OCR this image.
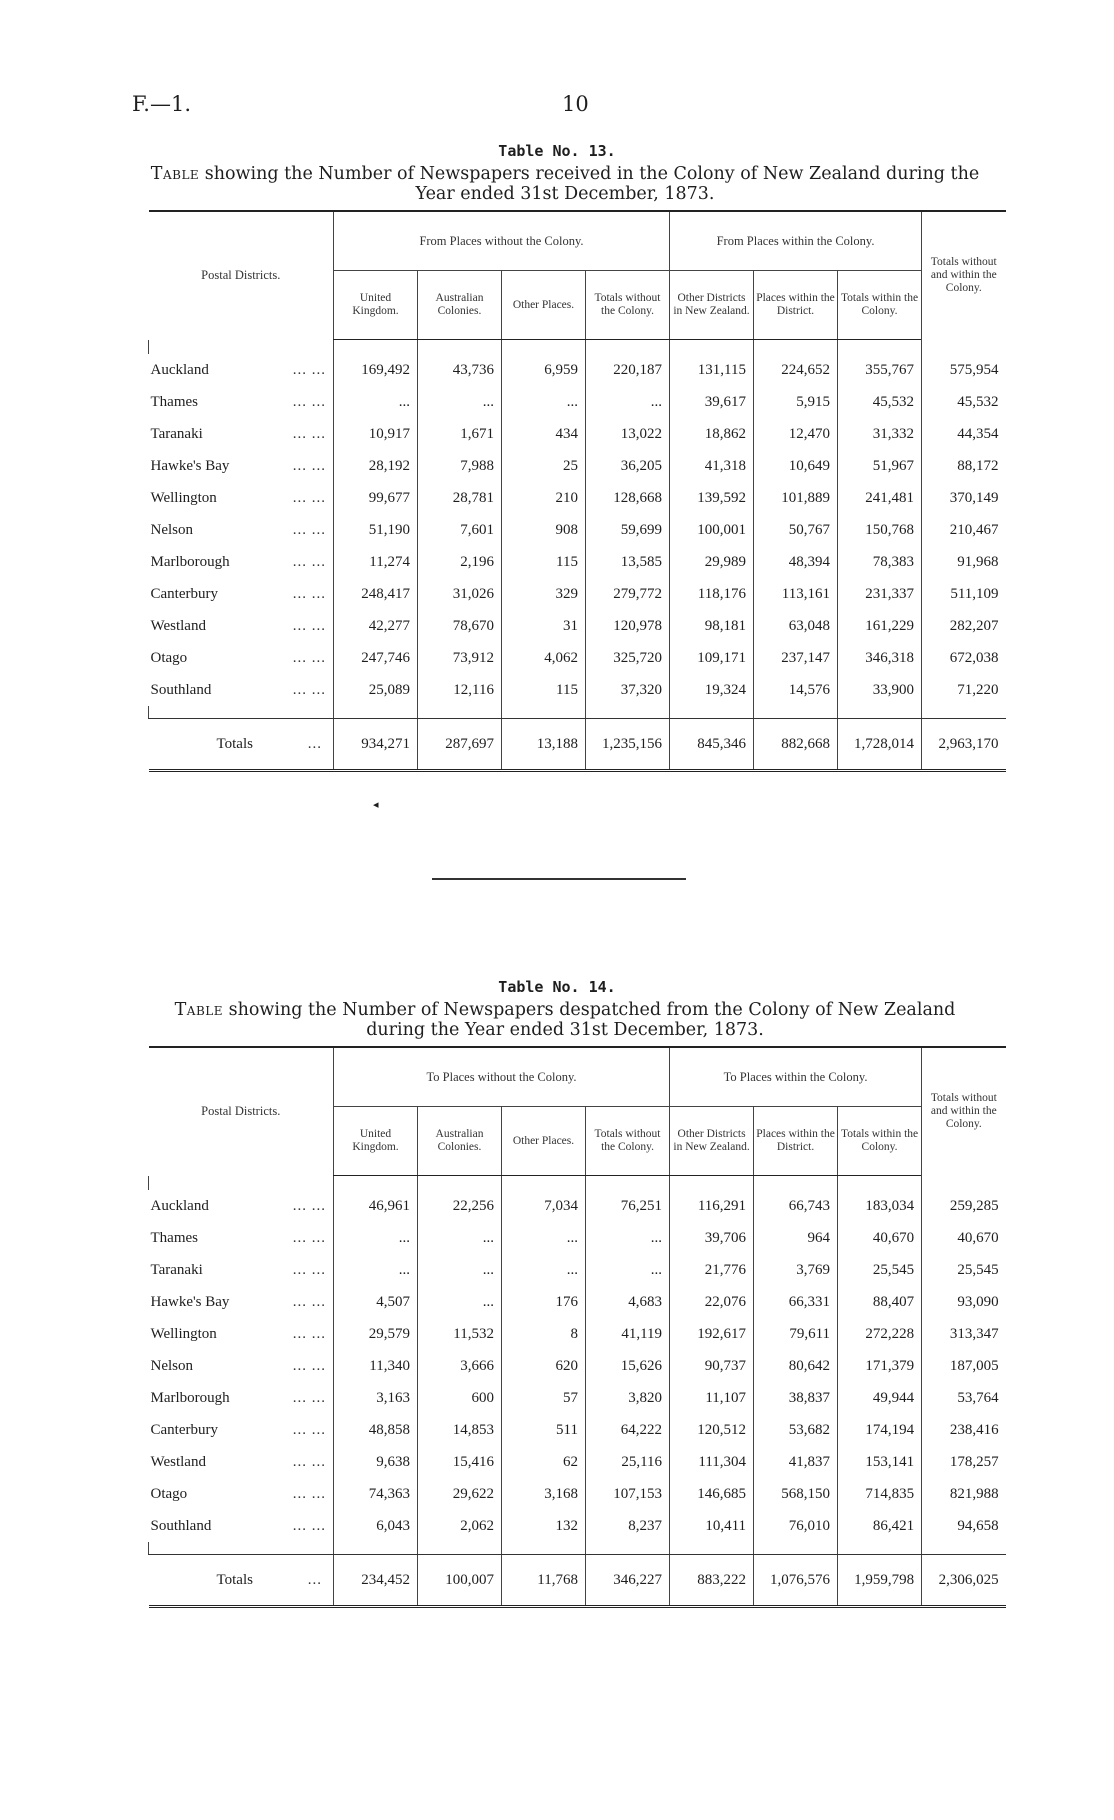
F.—1.	10
Table No. 13.
Table showing the Number of Newspapers received in the Colony of New Zealand during the Year ended 31st December, 1873.
Postal Districts.	From Places without the Colony.				From Places within the Colony.			Totals without and within the Colony.
	United Kingdom.	Australian Colonies.	Other Places.	Totals without the Colony.	Other Districts in New Zealand.	Places within the District.	Totals within the Colony.	

Auckland ... ...	169,492	43,736	6,959	220,187	131,115	224,652	355,767	575,954
Thames ... ...	...	...	...	...	39,617	5,915	45,532	45,532
Taranaki ... ...	10,917	1,671	434	13,022	18,862	12,470	31,332	44,354
Hawke's Bay ... ...	28,192	7,988	25	36,205	41,318	10,649	51,967	88,172
Wellington ... ...	99,677	28,781	210	128,668	139,592	101,889	241,481	370,149
Nelson ... ...	51,190	7,601	908	59,699	100,001	50,767	150,768	210,467
Marlborough ... ...	11,274	2,196	115	13,585	29,989	48,394	78,383	91,968
Canterbury ... ...	248,417	31,026	329	279,772	118,176	113,161	231,337	511,109
Westland ... ...	42,277	78,670	31	120,978	98,181	63,048	161,229	282,207
Otago ... ...	247,746	73,912	4,062	325,720	109,171	237,147	346,318	672,038
Southland ... ...	25,089	12,116	115	37,320	19,324	14,576	33,900	71,220

Totals ...	934,271	287,697	13,188	1,235,156	845,346	882,668	1,728,014	2,963,170
◂
Table No. 14.
Table showing the Number of Newspapers despatched from the Colony of New Zealand during the Year ended 31st December, 1873.
Postal Districts.	To Places without the Colony.				To Places within the Colony.			Totals without and within the Colony.
	United Kingdom.	Australian Colonies.	Other Places.	Totals without the Colony.	Other Districts in New Zealand.	Places within the District.	Totals within the Colony.	

Auckland ... ...	46,961	22,256	7,034	76,251	116,291	66,743	183,034	259,285
Thames ... ...	...	...	...	...	39,706	964	40,670	40,670
Taranaki ... ...	...	...	...	...	21,776	3,769	25,545	25,545
Hawke's Bay ... ...	4,507	...	176	4,683	22,076	66,331	88,407	93,090
Wellington ... ...	29,579	11,532	8	41,119	192,617	79,611	272,228	313,347
Nelson ... ...	11,340	3,666	620	15,626	90,737	80,642	171,379	187,005
Marlborough ... ...	3,163	600	57	3,820	11,107	38,837	49,944	53,764
Canterbury ... ...	48,858	14,853	511	64,222	120,512	53,682	174,194	238,416
Westland ... ...	9,638	15,416	62	25,116	111,304	41,837	153,141	178,257
Otago ... ...	74,363	29,622	3,168	107,153	146,685	568,150	714,835	821,988
Southland ... ...	6,043	2,062	132	8,237	10,411	76,010	86,421	94,658

Totals ...	234,452	100,007	11,768	346,227	883,222	1,076,576	1,959,798	2,306,025
